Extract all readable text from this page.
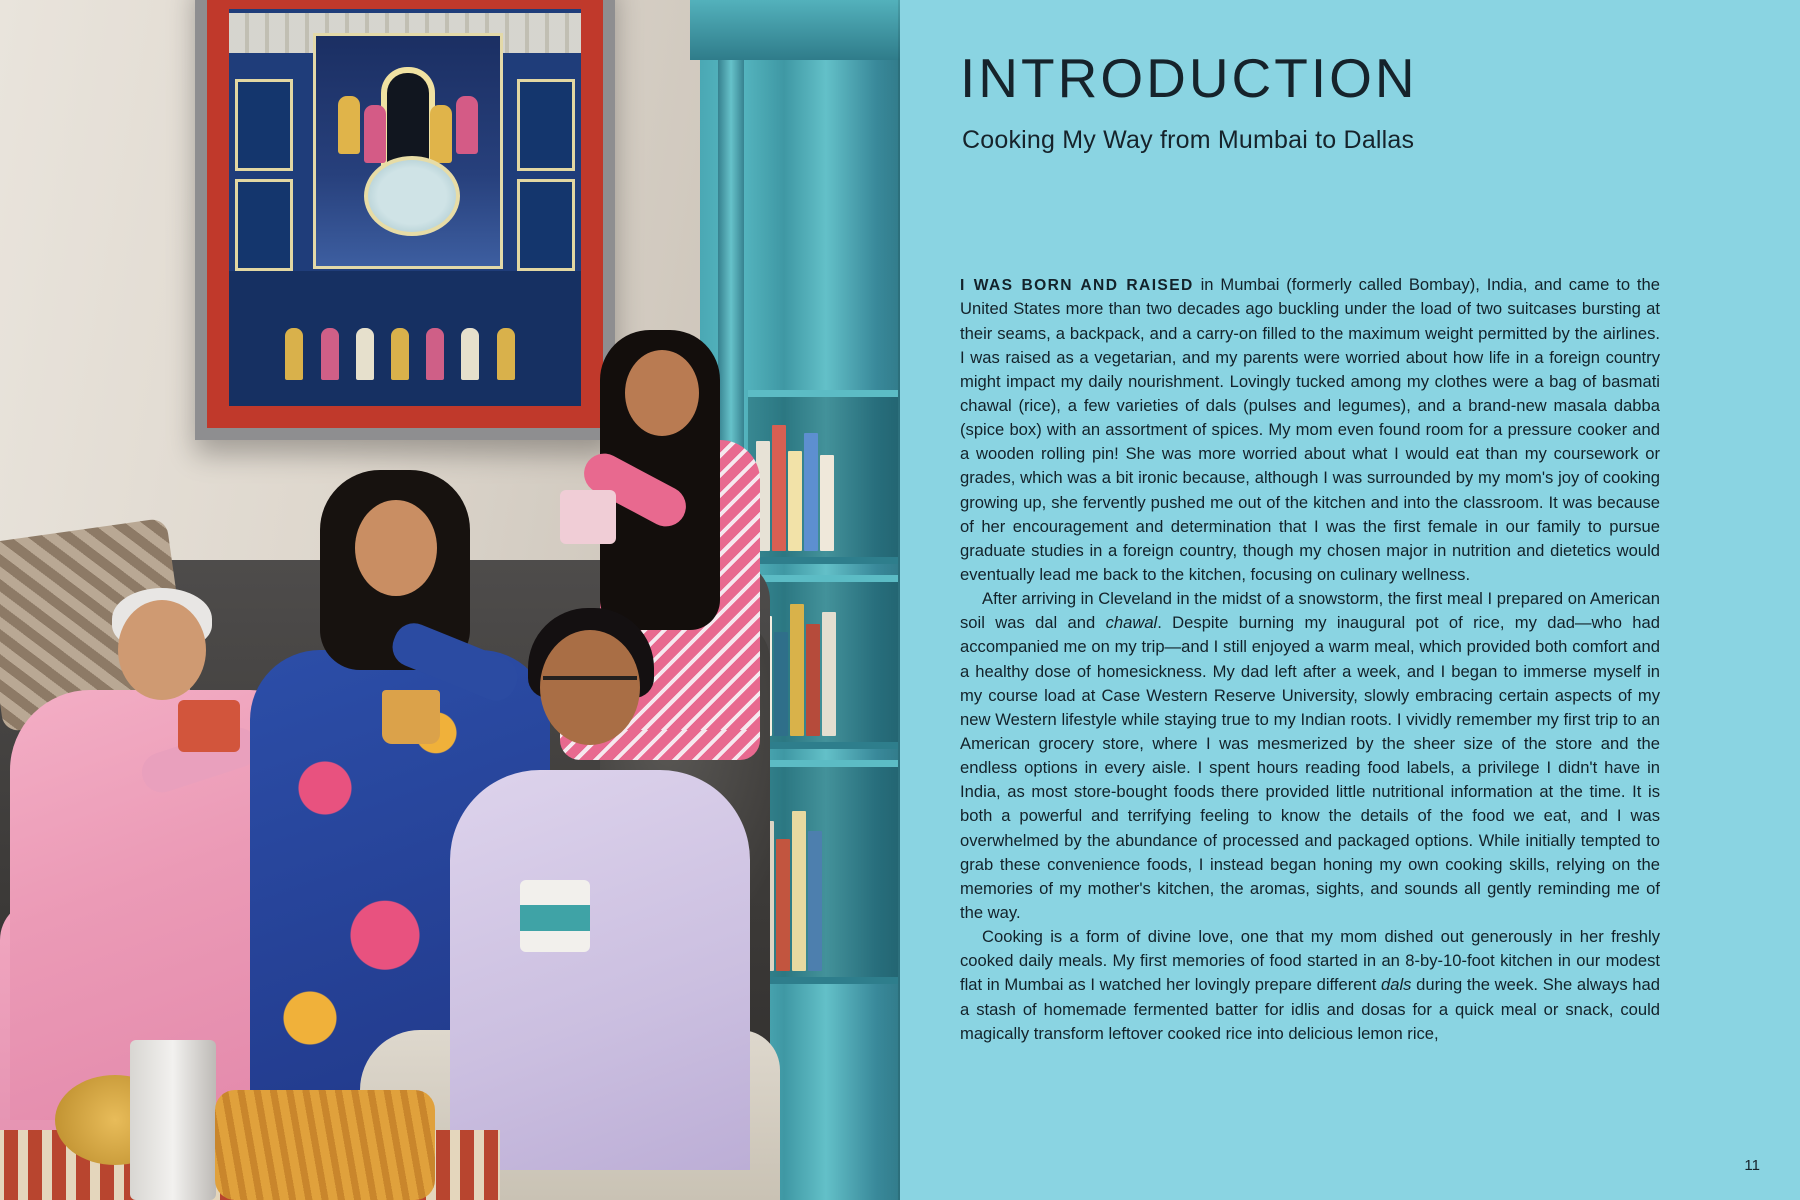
INTRODUCTION
Cooking My Way from Mumbai to Dallas

I WAS BORN AND RAISED in Mumbai (formerly called Bombay), India, and came to the United States more than two decades ago buckling under the load of two suitcases bursting at their seams, a backpack, and a carry-on filled to the maximum weight permitted by the airlines. I was raised as a vegetarian, and my parents were worried about how life in a foreign country might impact my daily nourishment. Lovingly tucked among my clothes were a bag of basmati chawal (rice), a few varieties of dals (pulses and legumes), and a brand-new masala dabba (spice box) with an assortment of spices. My mom even found room for a pressure cooker and a wooden rolling pin! She was more worried about what I would eat than my coursework or grades, which was a bit ironic because, although I was surrounded by my mom's joy of cooking growing up, she fervently pushed me out of the kitchen and into the classroom. It was because of her encouragement and determination that I was the first female in our family to pursue graduate studies in a foreign country, though my chosen major in nutrition and dietetics would eventually lead me back to the kitchen, focusing on culinary wellness.

After arriving in Cleveland in the midst of a snowstorm, the first meal I prepared on American soil was dal and chawal. Despite burning my inaugural pot of rice, my dad—who had accompanied me on my trip—and I still enjoyed a warm meal, which provided both comfort and a healthy dose of homesickness. My dad left after a week, and I began to immerse myself in my course load at Case Western Reserve University, slowly embracing certain aspects of my new Western lifestyle while staying true to my Indian roots. I vividly remember my first trip to an American grocery store, where I was mesmerized by the sheer size of the store and the endless options in every aisle. I spent hours reading food labels, a privilege I didn't have in India, as most store-bought foods there provided little nutritional information at the time. It is both a powerful and terrifying feeling to know the details of the food we eat, and I was overwhelmed by the abundance of processed and packaged options. While initially tempted to grab these convenience foods, I instead began honing my own cooking skills, relying on the memories of my mother's kitchen, the aromas, sights, and sounds all gently reminding me of the way.

Cooking is a form of divine love, one that my mom dished out generously in her freshly cooked daily meals. My first memories of food started in an 8-by-10-foot kitchen in our modest flat in Mumbai as I watched her lovingly prepare different dals during the week. She always had a stash of homemade fermented batter for idlis and dosas for a quick meal or snack, could magically transform leftover cooked rice into delicious lemon rice,

11
